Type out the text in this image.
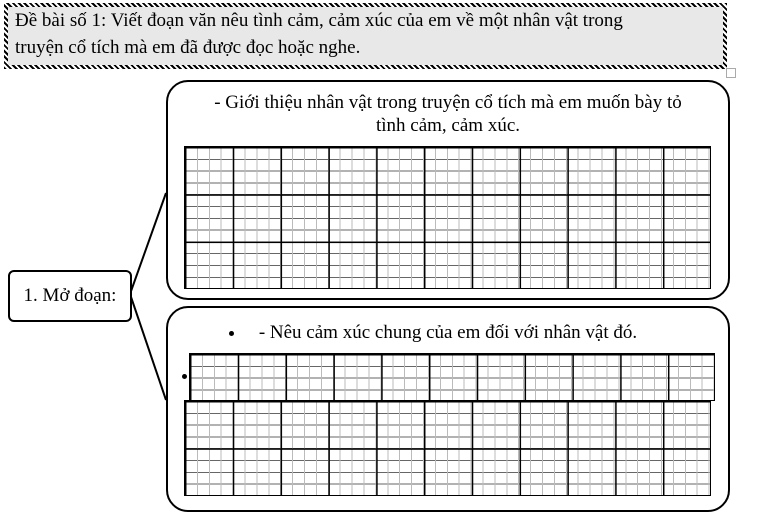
Đề bài số 1: Viết đoạn văn nêu tình cảm, cảm xúc của em về một nhân vật trong
truyện cổ tích mà em đã được đọc hoặc nghe.
1. Mở đoạn:
- Giới thiệu nhân vật trong truyện cổ tích mà em muốn bày tỏ
tình cảm, cảm xúc.
- Nêu cảm xúc chung của em đối với nhân vật đó.
